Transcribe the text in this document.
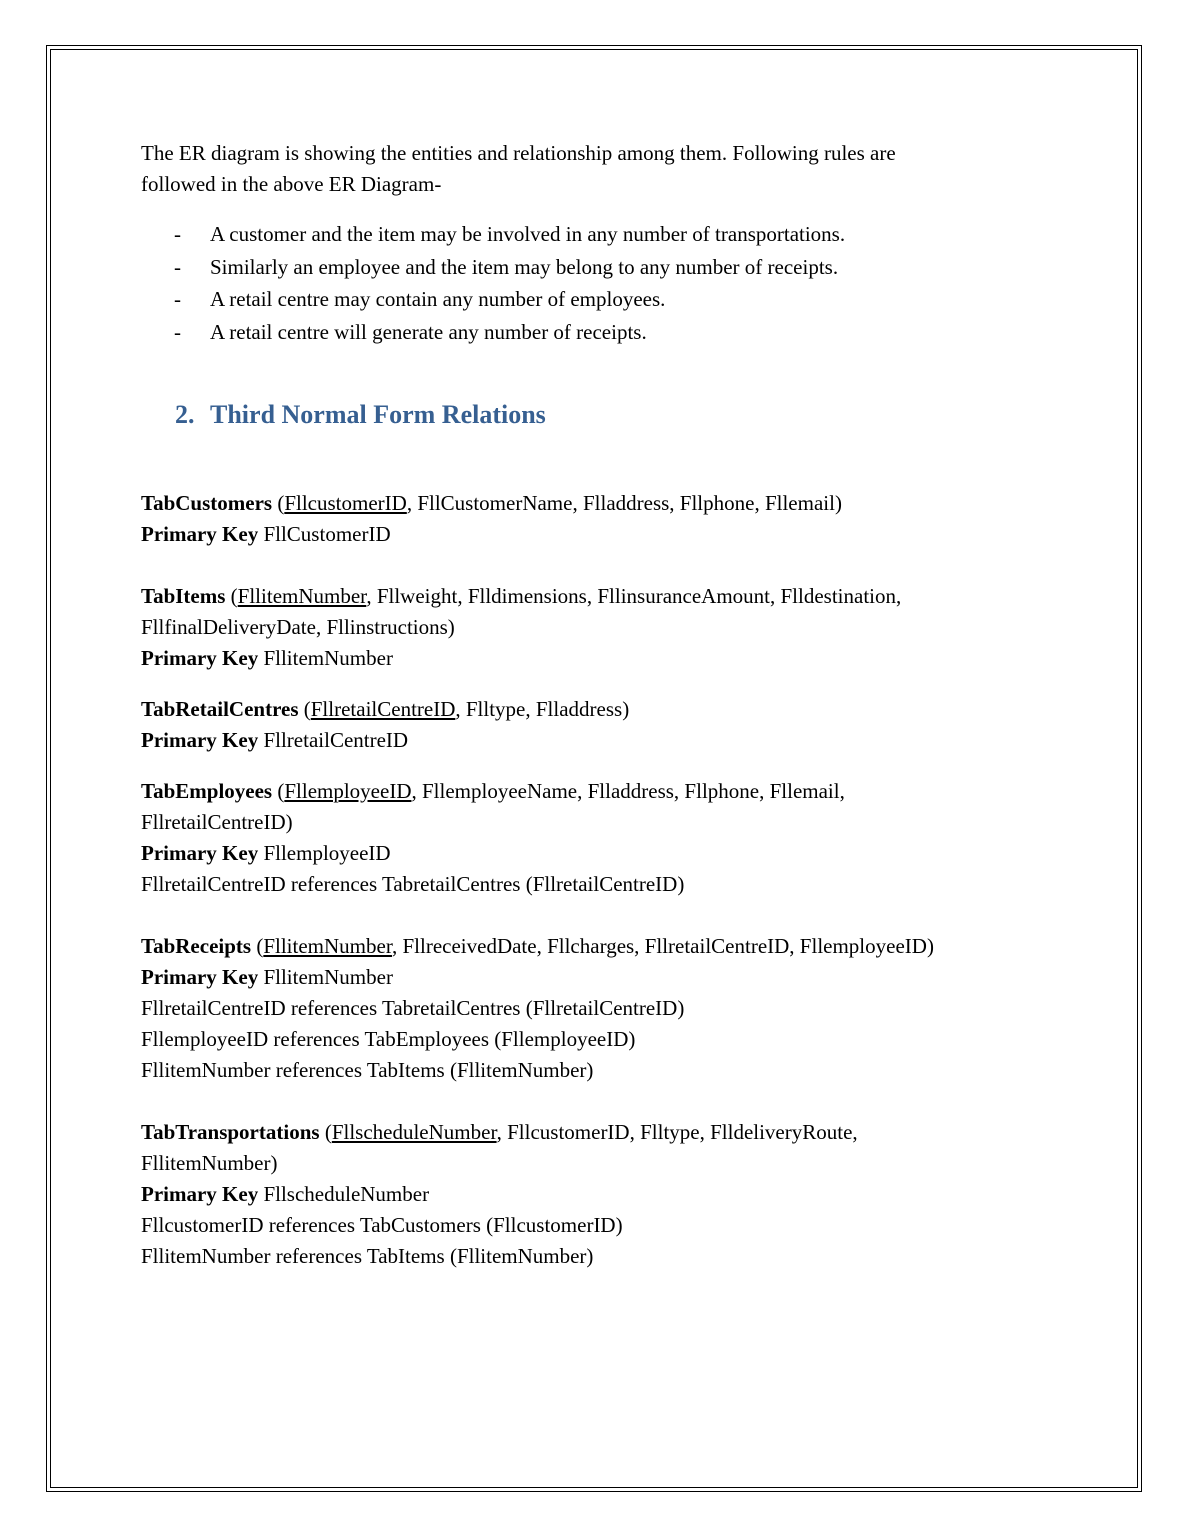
The ER diagram is showing the entities and relationship among them. Following rules are

followed in the above ER Diagram-

- A customer and the item may be involved in any number of transportations.
- Similarly an employee and the item may belong to any number of receipts.
- A retail centre may contain any number of employees.
- A retail centre will generate any number of receipts.
2. Third Normal Form Relations

TabCustomers (FllcustomerID, FllCustomerName, Flladdress, Fllphone, Fllemail)

Primary Key FllCustomerID

TabItems (FllitemNumber, Fllweight, Flldimensions, FllinsuranceAmount, Flldestination,

FllfinalDeliveryDate, Fllinstructions)

Primary Key FllitemNumber

TabRetailCentres (FllretailCentreID, Flltype, Flladdress)

Primary Key FllretailCentreID

TabEmployees (FllemployeeID, FllemployeeName, Flladdress, Fllphone, Fllemail,

FllretailCentreID)

Primary Key FllemployeeID

FllretailCentreID references TabretailCentres (FllretailCentreID)

TabReceipts (FllitemNumber, FllreceivedDate, Fllcharges, FllretailCentreID, FllemployeeID)

Primary Key FllitemNumber

FllretailCentreID references TabretailCentres (FllretailCentreID)

FllemployeeID references TabEmployees (FllemployeeID)

FllitemNumber references TabItems (FllitemNumber)

TabTransportations (FllscheduleNumber, FllcustomerID, Flltype, FlldeliveryRoute,

FllitemNumber)

Primary Key FllscheduleNumber

FllcustomerID references TabCustomers (FllcustomerID)

FllitemNumber references TabItems (FllitemNumber)
